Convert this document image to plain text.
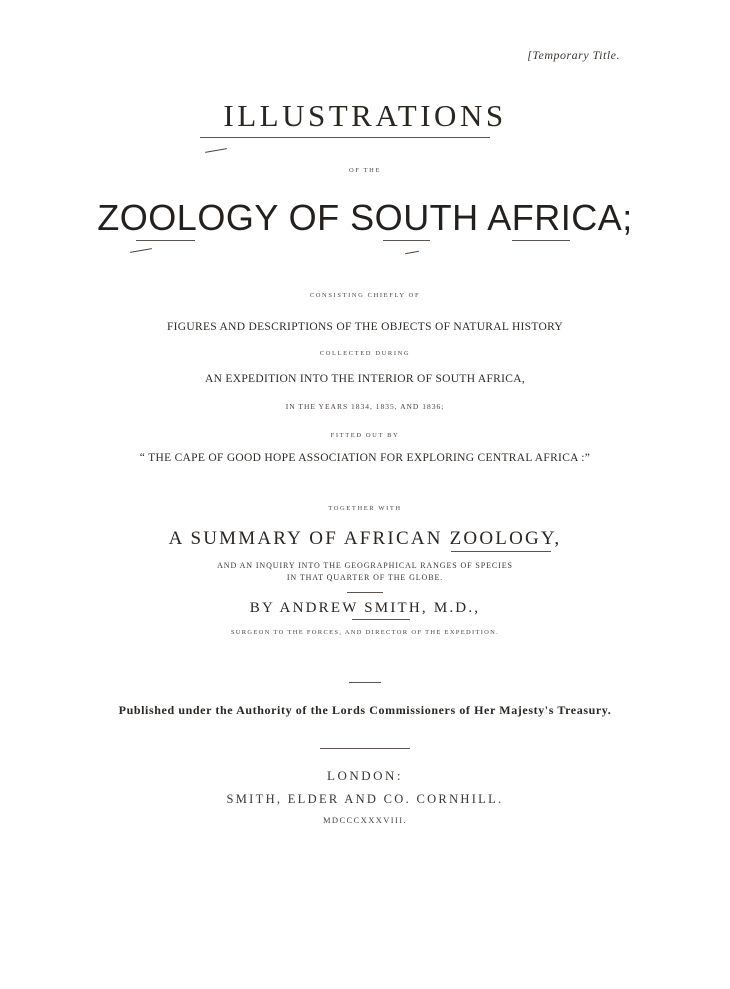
[Temporary Title.
ILLUSTRATIONS
OF THE
ZOOLOGY OF SOUTH AFRICA;
CONSISTING CHIEFLY OF
FIGURES AND DESCRIPTIONS OF THE OBJECTS OF NATURAL HISTORY
COLLECTED DURING
AN EXPEDITION INTO THE INTERIOR OF SOUTH AFRICA,
IN THE YEARS 1834, 1835, AND 1836;
FITTED OUT BY
“ THE CAPE OF GOOD HOPE ASSOCIATION FOR EXPLORING CENTRAL AFRICA :”
TOGETHER WITH
A SUMMARY OF AFRICAN ZOOLOGY,
AND AN INQUIRY INTO THE GEOGRAPHICAL RANGES OF SPECIES
IN THAT QUARTER OF THE GLOBE.
BY ANDREW SMITH, M.D.,
SURGEON TO THE FORCES, AND DIRECTOR OF THE EXPEDITION.
Published under the Authority of the Lords Commissioners of Her Majesty's Treasury.
LONDON:
SMITH, ELDER AND CO. CORNHILL.
MDCCCXXXVIII.
